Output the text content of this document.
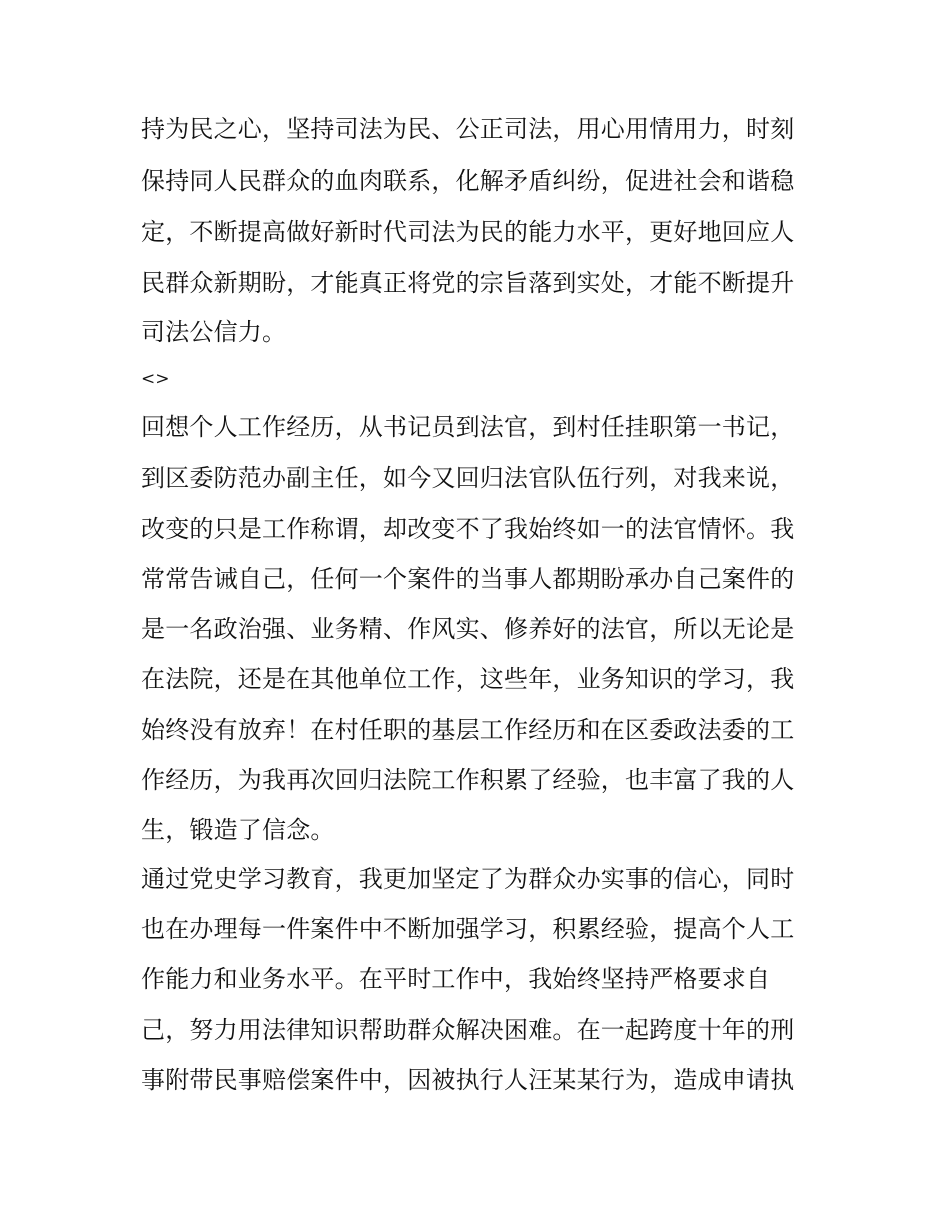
持为民之心，坚持司法为民、公正司法，用心用情用力，时刻
保持同人民群众的血肉联系，化解矛盾纠纷，促进社会和谐稳
定，不断提高做好新时代司法为民的能力水平，更好地回应人
民群众新期盼，才能真正将党的宗旨落到实处，才能不断提升
司法公信力。
<>
回想个人工作经历，从书记员到法官，到村任挂职第一书记，
到区委防范办副主任，如今又回归法官队伍行列，对我来说，
改变的只是工作称谓，却改变不了我始终如一的法官情怀。我
常常告诫自己，任何一个案件的当事人都期盼承办自己案件的
是一名政治强、业务精、作风实、修养好的法官，所以无论是
在法院，还是在其他单位工作，这些年，业务知识的学习，我
始终没有放弃！在村任职的基层工作经历和在区委政法委的工
作经历，为我再次回归法院工作积累了经验，也丰富了我的人
生，锻造了信念。
通过党史学习教育，我更加坚定了为群众办实事的信心，同时
也在办理每一件案件中不断加强学习，积累经验，提高个人工
作能力和业务水平。在平时工作中，我始终坚持严格要求自
己，努力用法律知识帮助群众解决困难。在一起跨度十年的刑
事附带民事赔偿案件中，因被执行人汪某某行为，造成申请执
